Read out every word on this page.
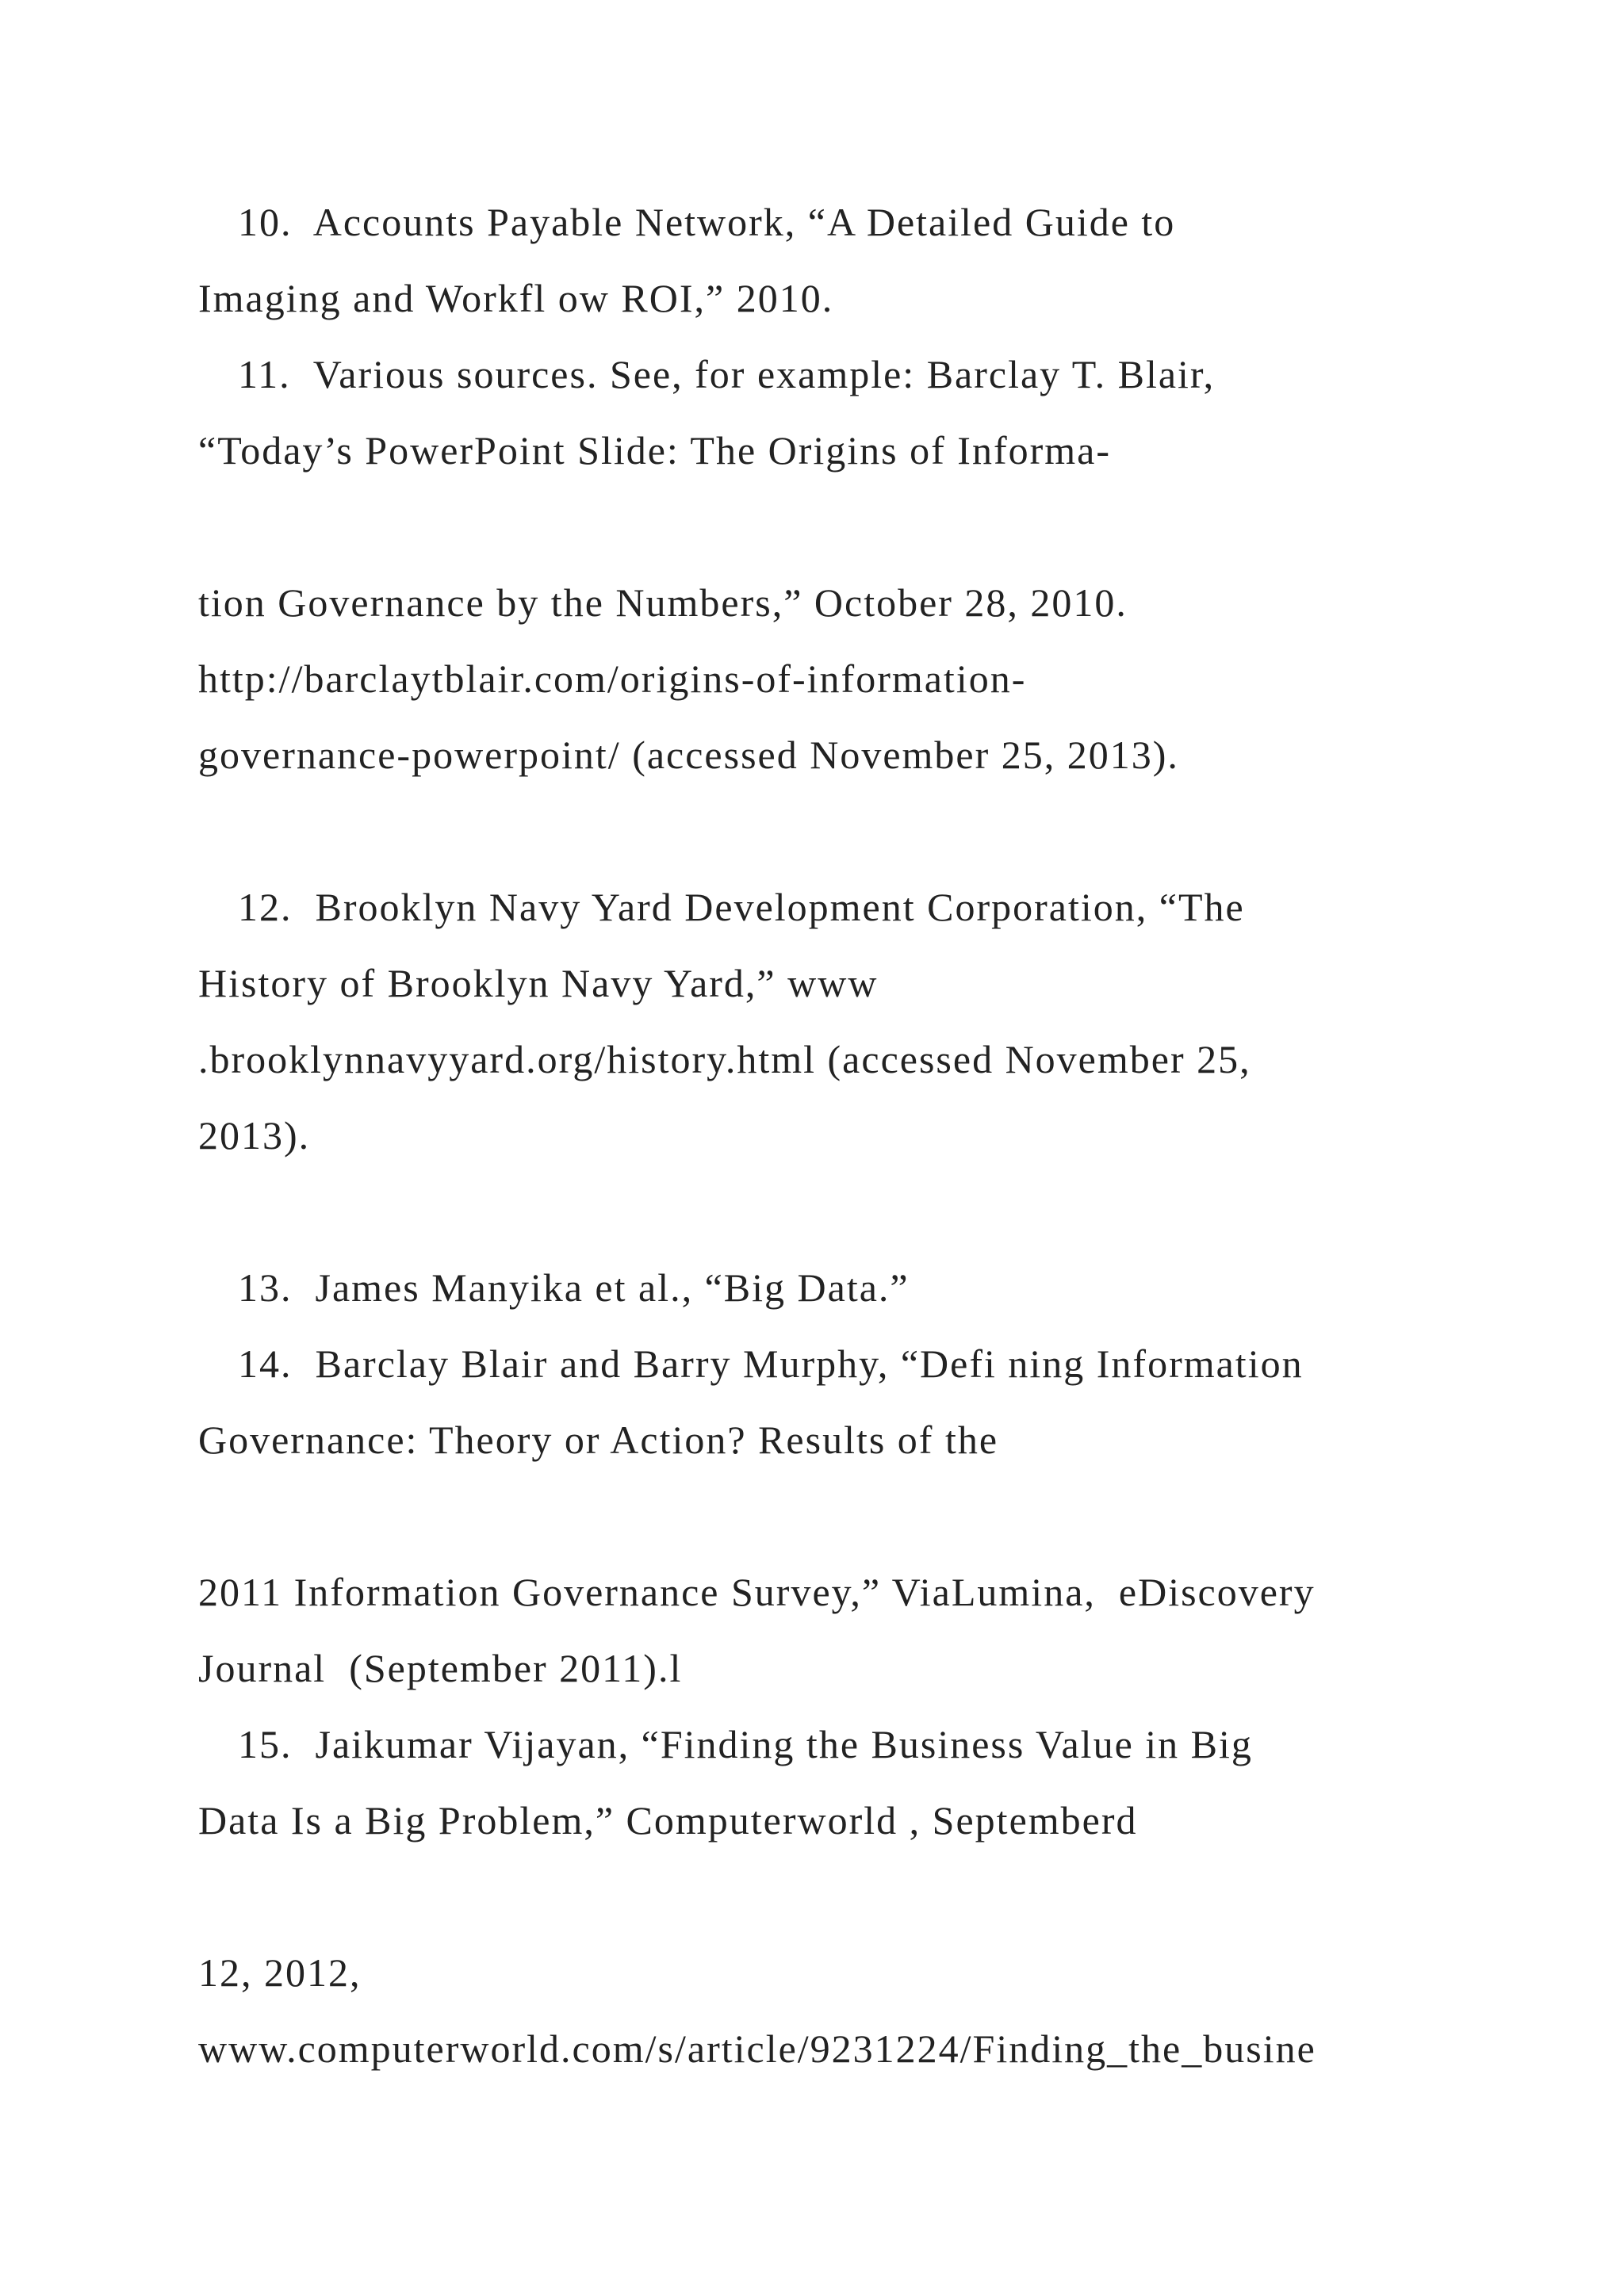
10.  Accounts Payable Network, “A Detailed Guide to

Imaging and Workfl ow ROI,” 2010.

11.  Various sources. See, for example: Barclay T. Blair,

“Today’s PowerPoint Slide: The Origins of Informa-

tion Governance by the Numbers,” October 28, 2010.

http://barclaytblair.com/origins-of-information-

governance-powerpoint/ (accessed November 25, 2013).

12.  Brooklyn Navy Yard Development Corporation, “The

History of Brooklyn Navy Yard,” www

.brooklynnavyyard.org/history.html (accessed November 25,

2013).

13.  James Manyika et al., “Big Data.”

14.  Barclay Blair and Barry Murphy, “Defi ning Information

Governance: Theory or Action? Results of the

2011 Information Governance Survey,” ViaLumina,  eDiscovery

Journal  (September 2011).l

15.  Jaikumar Vijayan, “Finding the Business Value in Big

Data Is a Big Problem,” Computerworld , Septemberd

12, 2012,

www.computerworld.com/s/article/9231224/Finding_the_busine
